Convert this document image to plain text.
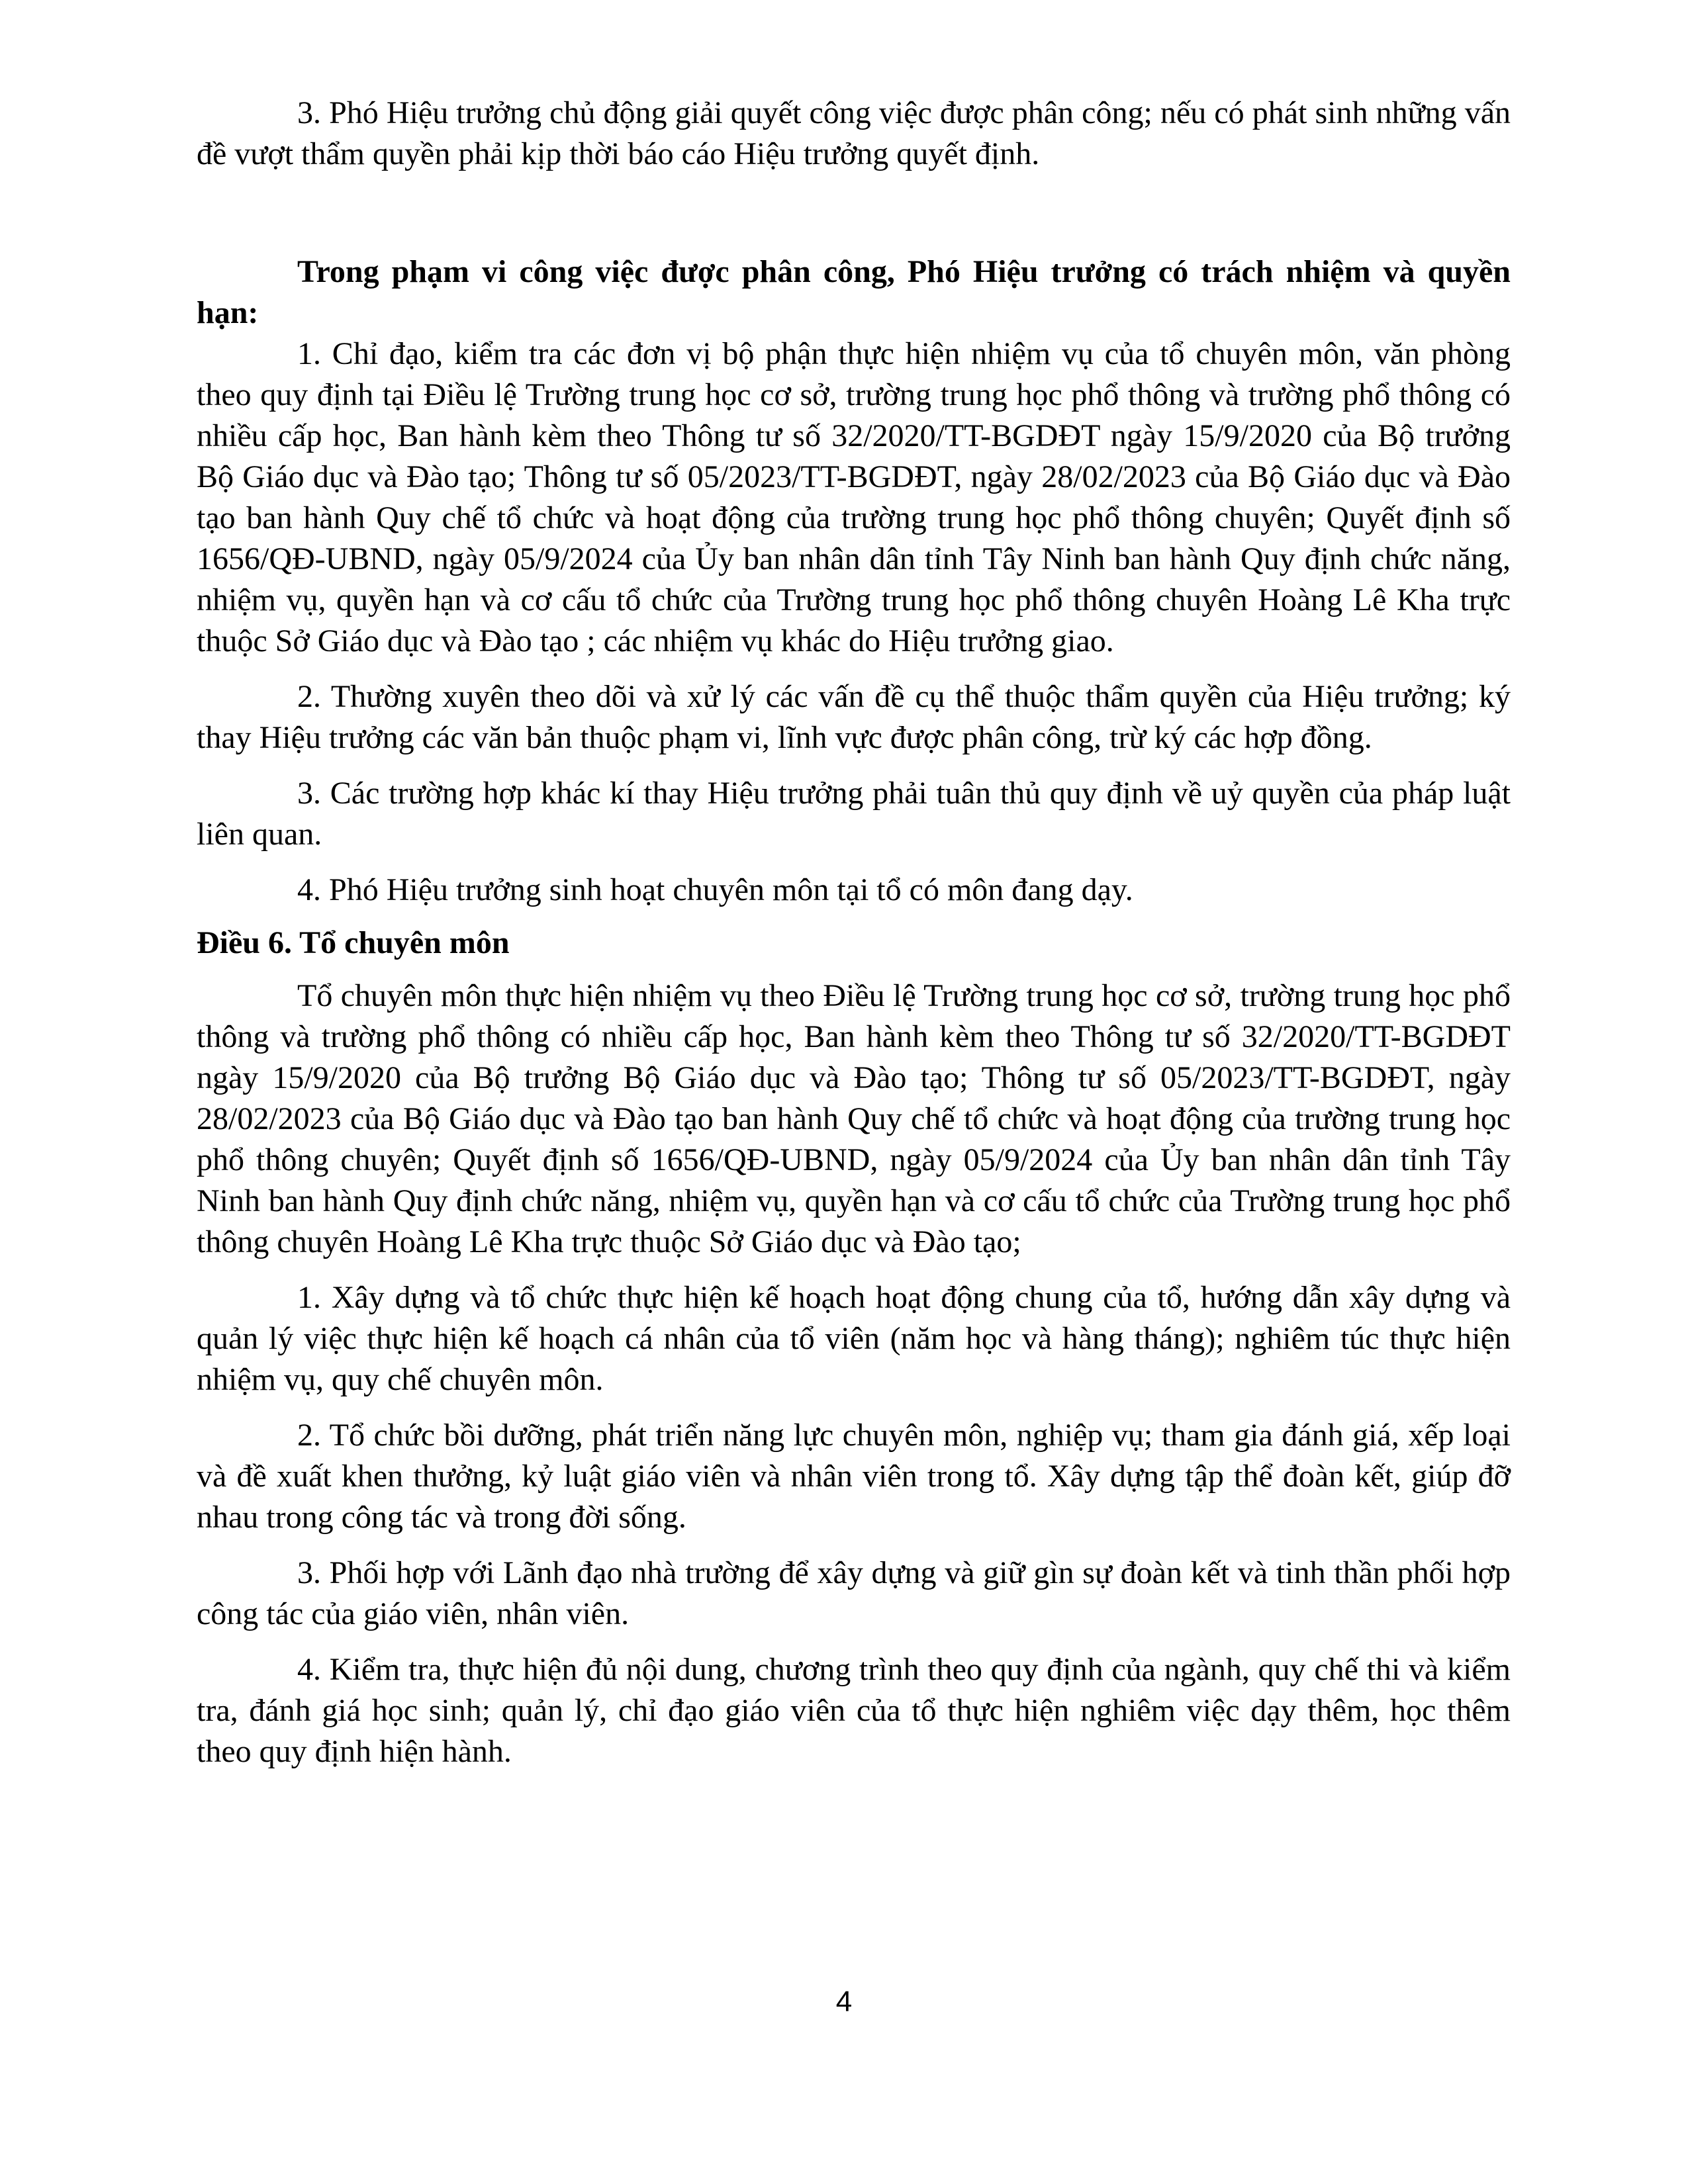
3. Phó Hiệu trưởng chủ động giải quyết công việc được phân công; nếu có phát sinh những vấn đề vượt thẩm quyền phải kịp thời báo cáo Hiệu trưởng quyết định.

Trong phạm vi công việc được phân công, Phó Hiệu trưởng có trách nhiệm và quyền hạn:

1. Chỉ đạo, kiểm tra các đơn vị bộ phận thực hiện nhiệm vụ của tổ chuyên môn, văn phòng theo quy định tại Điều lệ Trường trung học cơ sở, trường trung học phổ thông và trường phổ thông có nhiều cấp học, Ban hành kèm theo Thông tư số 32/2020/TT-BGDĐT ngày 15/9/2020 của Bộ trưởng Bộ Giáo dục và Đào tạo; Thông tư số 05/2023/TT-BGDĐT, ngày 28/02/2023 của Bộ Giáo dục và Đào tạo ban hành Quy chế tổ chức và hoạt động của trường trung học phổ thông chuyên; Quyết định số 1656/QĐ-UBND, ngày 05/9/2024 của Ủy ban nhân dân tỉnh Tây Ninh ban hành Quy định chức năng, nhiệm vụ, quyền hạn và cơ cấu tổ chức của Trường trung học phổ thông chuyên Hoàng Lê Kha trực thuộc Sở Giáo dục và Đào tạo ; các nhiệm vụ khác do Hiệu trưởng giao.

2. Thường xuyên theo dõi và xử lý các vấn đề cụ thể thuộc thẩm quyền của Hiệu trưởng; ký thay Hiệu trưởng các văn bản thuộc phạm vi, lĩnh vực được phân công, trừ ký các hợp đồng.

3. Các trường hợp khác kí thay Hiệu trưởng phải tuân thủ quy định về uỷ quyền của pháp luật liên quan.

4. Phó Hiệu trưởng sinh hoạt chuyên môn tại tổ có môn đang dạy.

Điều 6. Tổ chuyên môn

Tổ chuyên môn thực hiện nhiệm vụ theo Điều lệ Trường trung học cơ sở, trường trung học phổ thông và trường phổ thông có nhiều cấp học, Ban hành kèm theo Thông tư số 32/2020/TT-BGDĐT ngày 15/9/2020 của Bộ trưởng Bộ Giáo dục và Đào tạo; Thông tư số 05/2023/TT-BGDĐT, ngày 28/02/2023 của Bộ Giáo dục và Đào tạo ban hành Quy chế tổ chức và hoạt động của trường trung học phổ thông chuyên; Quyết định số 1656/QĐ-UBND, ngày 05/9/2024 của Ủy ban nhân dân tỉnh Tây Ninh ban hành Quy định chức năng, nhiệm vụ, quyền hạn và cơ cấu tổ chức của Trường trung học phổ thông chuyên Hoàng Lê Kha trực thuộc Sở Giáo dục và Đào tạo;

1. Xây dựng và tổ chức thực hiện kế hoạch hoạt động chung của tổ, hướng dẫn xây dựng và quản lý việc thực hiện kế hoạch cá nhân của tổ viên (năm học và hàng tháng); nghiêm túc thực hiện nhiệm vụ, quy chế chuyên môn.

2. Tổ chức bồi dưỡng, phát triển năng lực chuyên môn, nghiệp vụ; tham gia đánh giá, xếp loại và đề xuất khen thưởng, kỷ luật giáo viên và nhân viên trong tổ. Xây dựng tập thể đoàn kết, giúp đỡ nhau trong công tác và trong đời sống.

3. Phối hợp với Lãnh đạo nhà trường để xây dựng và giữ gìn sự đoàn kết và tinh thần phối hợp công tác của giáo viên, nhân viên.

4. Kiểm tra, thực hiện đủ nội dung, chương trình theo quy định của ngành, quy chế thi và kiểm tra, đánh giá học sinh; quản lý, chỉ đạo giáo viên của tổ thực hiện nghiêm việc dạy thêm, học thêm theo quy định hiện hành.

4
